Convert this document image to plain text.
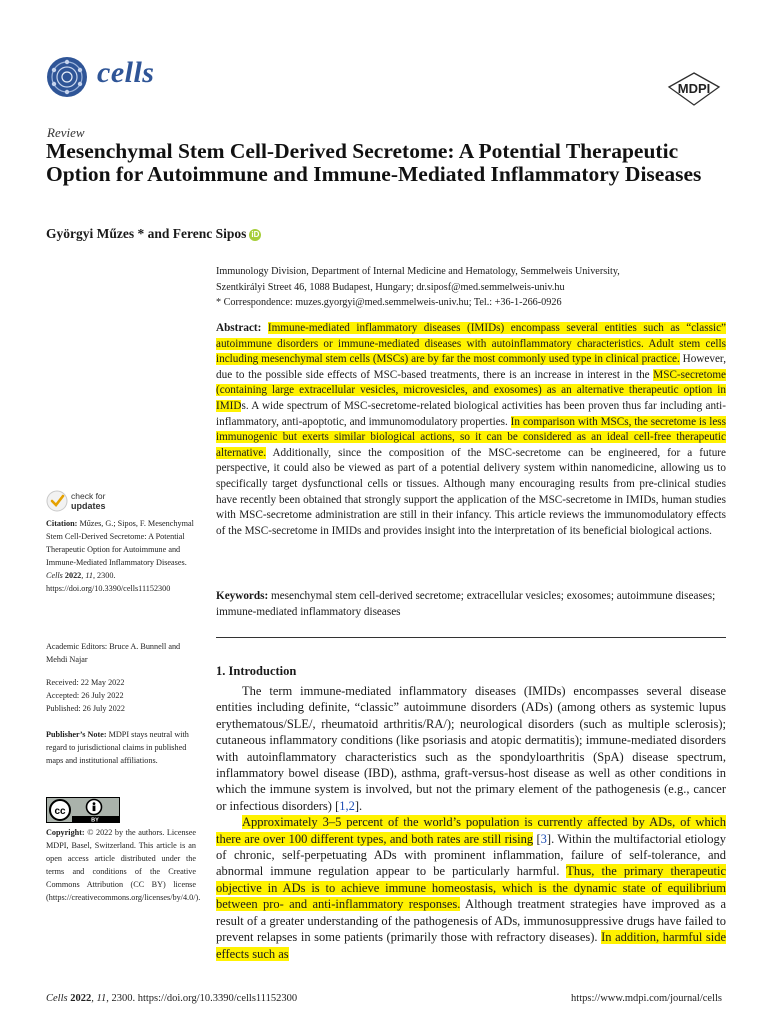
cells	MDPI
Review
Mesenchymal Stem Cell-Derived Secretome: A Potential Therapeutic Option for Autoimmune and Immune-Mediated Inflammatory Diseases
Györgyi Műzes * and Ferenc Sipos iD
Immunology Division, Department of Internal Medicine and Hematology, Semmelweis University,
Szentkirályi Street 46, 1088 Budapest, Hungary; dr.siposf@med.semmelweis-univ.hu
* Correspondence: muzes.gyorgyi@med.semmelweis-univ.hu; Tel.: +36-1-266-0926
Abstract: Immune-mediated inflammatory diseases (IMIDs) encompass several entities such as “classic” autoimmune disorders or immune-mediated diseases with autoinflammatory characteristics. Adult stem cells including mesenchymal stem cells (MSCs) are by far the most commonly used type in clinical practice. However, due to the possible side effects of MSC-based treatments, there is an increase in interest in the MSC-secretome (containing large extracellular vesicles, microvesicles, and exosomes) as an alternative therapeutic option in IMIDs. A wide spectrum of MSC-secretome-related biological activities has been proven thus far including anti-inflammatory, anti-apoptotic, and immunomodulatory properties. In comparison with MSCs, the secretome is less immunogenic but exerts similar biological actions, so it can be considered as an ideal cell-free therapeutic alternative. Additionally, since the composition of the MSC-secretome can be engineered, for a future perspective, it could also be viewed as part of a potential delivery system within nanomedicine, allowing us to specifically target dysfunctional cells or tissues. Although many encouraging results from pre-clinical studies have recently been obtained that strongly support the application of the MSC-secretome in IMIDs, human studies with MSC-secretome administration are still in their infancy. This article reviews the immunomodulatory effects of the MSC-secretome in IMIDs and provides insight into the interpretation of its beneficial biological actions.
Keywords: mesenchymal stem cell-derived secretome; extracellular vesicles; exosomes; autoimmune diseases; immune-mediated inflammatory diseases
1. Introduction
The term immune-mediated inflammatory diseases (IMIDs) encompasses several disease entities including definite, “classic” autoimmune disorders (ADs) (among others as systemic lupus erythematous/SLE/, rheumatoid arthritis/RA/); neurological disorders (such as multiple sclerosis); cutaneous inflammatory conditions (like psoriasis and atopic dermatitis); immune-mediated disorders with autoinflammatory characteristics such as the spondyloarthritis (SpA) disease spectrum, inflammatory bowel disease (IBD), asthma, graft-versus-host disease as well as other conditions in which the immune system is involved, but not the primary element of the pathogenesis (e.g., cancer or infectious disorders) [1,2].
Approximately 3–5 percent of the world’s population is currently affected by ADs, of which there are over 100 different types, and both rates are still rising [3]. Within the multifactorial etiology of chronic, self-perpetuating ADs with prominent inflammation, failure of self-tolerance, and abnormal immune regulation appear to be particularly harmful. Thus, the primary therapeutic objective in ADs is to achieve immune homeostasis, which is the dynamic state of equilibrium between pro- and anti-inflammatory responses. Although treatment strategies have improved as a result of a greater understanding of the pathogenesis of ADs, immunosuppressive drugs have failed to prevent relapses in some patients (primarily those with refractory diseases). In addition, harmful side effects such as
check for
updates
Citation: Műzes, G.; Sipos, F. Mesenchymal Stem Cell-Derived Secretome: A Potential Therapeutic Option for Autoimmune and Immune-Mediated Inflammatory Diseases. Cells 2022, 11, 2300. https://doi.org/10.3390/cells11152300
Academic Editors: Bruce A. Bunnell and Mehdi Najar
Received: 22 May 2022
Accepted: 26 July 2022
Published: 26 July 2022
Publisher’s Note: MDPI stays neutral with regard to jurisdictional claims in published maps and institutional affiliations.
cc
BY
Copyright: © 2022 by the authors. Licensee MDPI, Basel, Switzerland. This article is an open access article distributed under the terms and conditions of the Creative Commons Attribution (CC BY) license (https://creativecommons.org/licenses/by/4.0/).
Cells 2022, 11, 2300. https://doi.org/10.3390/cells11152300	https://www.mdpi.com/journal/cells
